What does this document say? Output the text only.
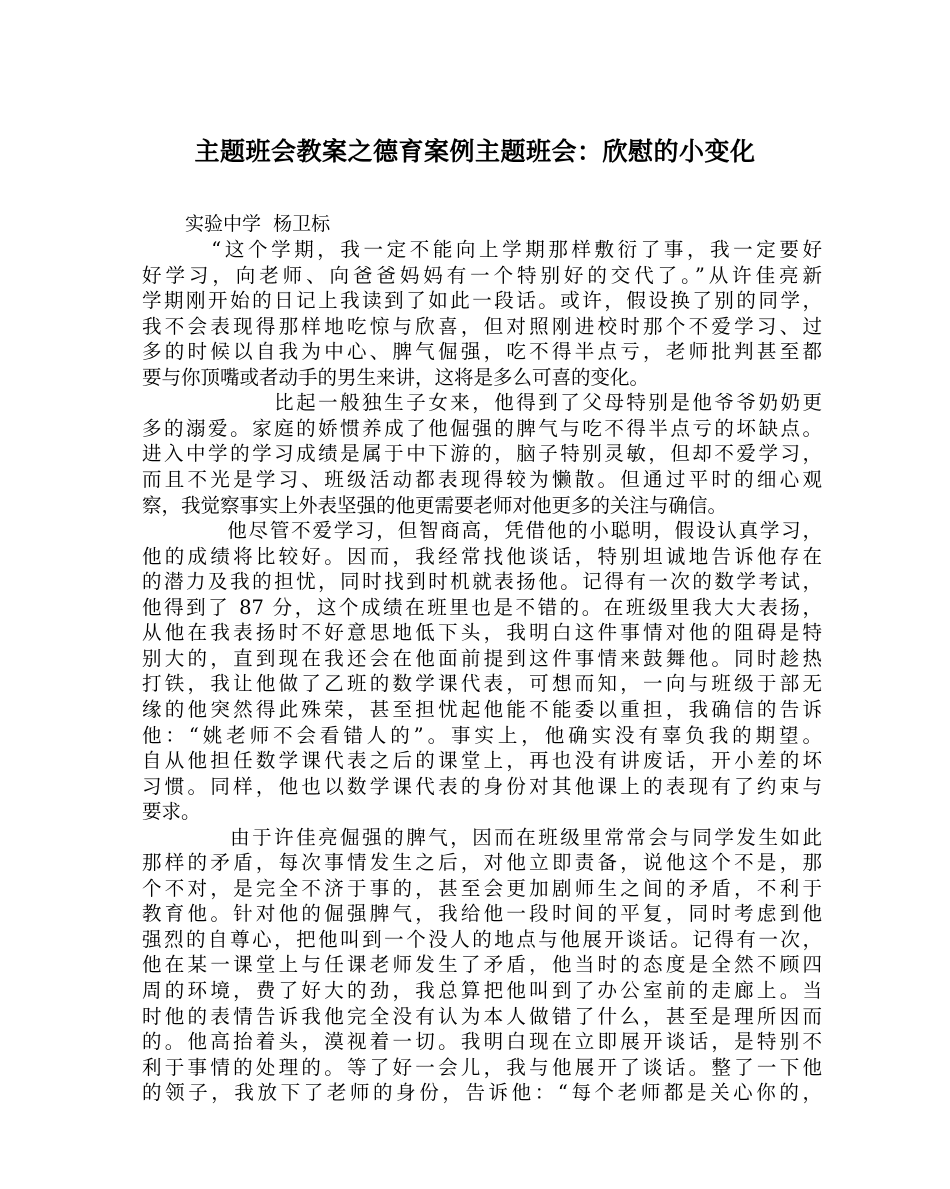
主题班会教案之德育案例主题班会：欣慰的小变化
实验中学  杨卫标
　　　“这个学期，我一定不能向上学期那样敷衍了事，我一定要好
好学习，向老师、向爸爸妈妈有一个特别好的交代了。”从许佳亮新
学期刚开始的日记上我读到了如此一段话。或许，假设换了别的同学，
我不会表现得那样地吃惊与欣喜，但对照刚进校时那个不爱学习、过
多的时候以自我为中心、脾气倔强，吃不得半点亏，老师批判甚至都
要与你顶嘴或者动手的男生来讲，这将是多么可喜的变化。
　　　　　　比起一般独生子女来，他得到了父母特别是他爷爷奶奶更
多的溺爱。家庭的娇惯养成了他倔强的脾气与吃不得半点亏的坏缺点。
进入中学的学习成绩是属于中下游的，脑子特别灵敏，但却不爱学习，
而且不光是学习、班级活动都表现得较为懒散。但通过平时的细心观
察，我觉察事实上外表坚强的他更需要老师对他更多的关注与确信。
　　　　他尽管不爱学习，但智商高，凭借他的小聪明，假设认真学习，
他的成绩将比较好。因而，我经常找他谈话，特别坦诚地告诉他存在
的潜力及我的担忧，同时找到时机就表扬他。记得有一次的数学考试，
他得到了 87 分，这个成绩在班里也是不错的。在班级里我大大表扬，
从他在我表扬时不好意思地低下头，我明白这件事情对他的阻碍是特
别大的，直到现在我还会在他面前提到这件事情来鼓舞他。同时趁热
打铁，我让他做了乙班的数学课代表，可想而知，一向与班级于部无
缘的他突然得此殊荣，甚至担忧起他能不能委以重担，我确信的告诉
他：“姚老师不会看错人的”。事实上，他确实没有辜负我的期望。
自从他担任数学课代表之后的课堂上，再也没有讲废话，开小差的坏
习惯。同样，他也以数学课代表的身份对其他课上的表现有了约束与
要求。
　　　　由于许佳亮倔强的脾气，因而在班级里常常会与同学发生如此
那样的矛盾，每次事情发生之后，对他立即责备，说他这个不是，那
个不对，是完全不济于事的，甚至会更加剧师生之间的矛盾，不利于
教育他。针对他的倔强脾气，我给他一段时间的平复，同时考虑到他
强烈的自尊心，把他叫到一个没人的地点与他展开谈话。记得有一次，
他在某一课堂上与任课老师发生了矛盾，他当时的态度是全然不顾四
周的环境，费了好大的劲，我总算把他叫到了办公室前的走廊上。当
时他的表情告诉我他完全没有认为本人做错了什么，甚至是理所因而
的。他高抬着头，漠视着一切。我明白现在立即展开谈话，是特别不
利于事情的处理的。等了好一会儿，我与他展开了谈话。整了一下他
的领子，我放下了老师的身份，告诉他：“每个老师都是关心你的，
